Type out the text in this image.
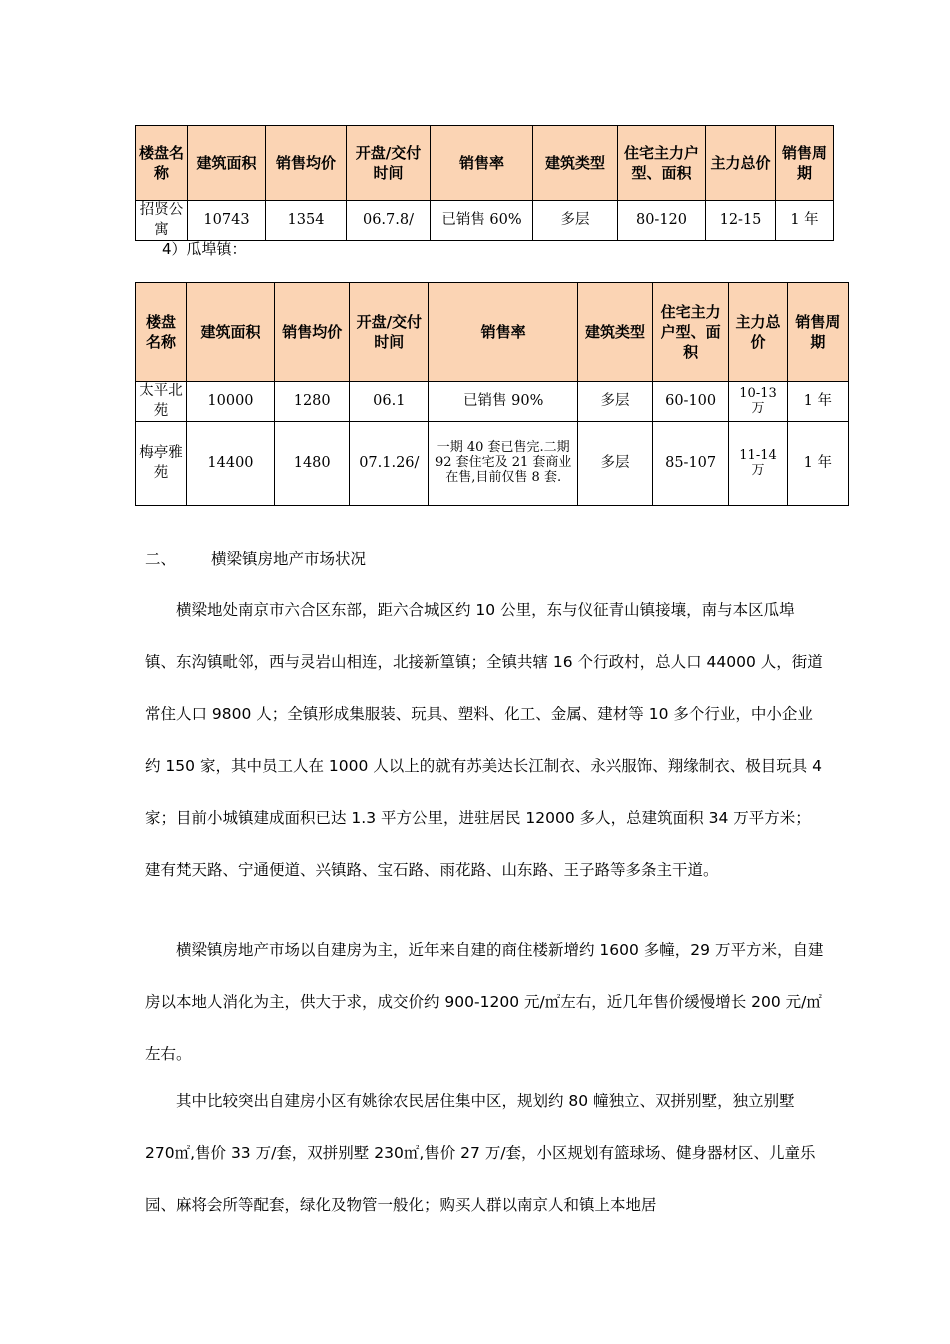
楼盘名称	建筑面积	销售均价	开盘/交付时间	销售率	建筑类型	住宅主力户型、面积	主力总价	销售周期
招贤公寓	10743	1354	06.7.8/	已销售 60%	多层	80-120	12-15	1 年
4）瓜埠镇：
楼盘名称	建筑面积	销售均价	开盘/交付时间	销售率	建筑类型	住宅主力户型、面积	主力总价	销售周期
太平北苑	10000	1280	06.1	已销售 90%	多层	60-100	10-13 万	1 年
梅亭雅苑	14400	1480	07.1.26/	一期 40 套已售完.二期 92 套住宅及 21 套商业在售,目前仅售 8 套.	多层	85-107	11-14 万	1 年
二、 横梁镇房地产市场状况

横梁地处南京市六合区东部，距六合城区约 10 公里，东与仪征青山镇接壤，南与本区瓜埠镇、东沟镇毗邻，西与灵岩山相连，北接新篁镇；全镇共辖 16 个行政村，总人口 44000 人，街道常住人口 9800 人；全镇形成集服装、玩具、塑料、化工、金属、建材等 10 多个行业，中小企业约 150 家，其中员工人在 1000 人以上的就有苏美达长江制衣、永兴服饰、翔缘制衣、极目玩具 4 家；目前小城镇建成面积已达 1.3 平方公里，进驻居民 12000 多人，总建筑面积 34 万平方米；建有梵天路、宁通便道、兴镇路、宝石路、雨花路、山东路、王子路等多条主干道。

横梁镇房地产市场以自建房为主，近年来自建的商住楼新增约 1600 多幢，29 万平方米，自建房以本地人消化为主，供大于求，成交价约 900-1200 元/㎡左右，近几年售价缓慢增长 200 元/㎡左右。

其中比较突出自建房小区有姚徐农民居住集中区，规划约 80 幢独立、双拼别墅，独立别墅 270㎡,售价 33 万/套，双拼别墅 230㎡,售价 27 万/套，小区规划有篮球场、健身器材区、儿童乐园、麻将会所等配套，绿化及物管一般化；购买人群以南京人和镇上本地居
